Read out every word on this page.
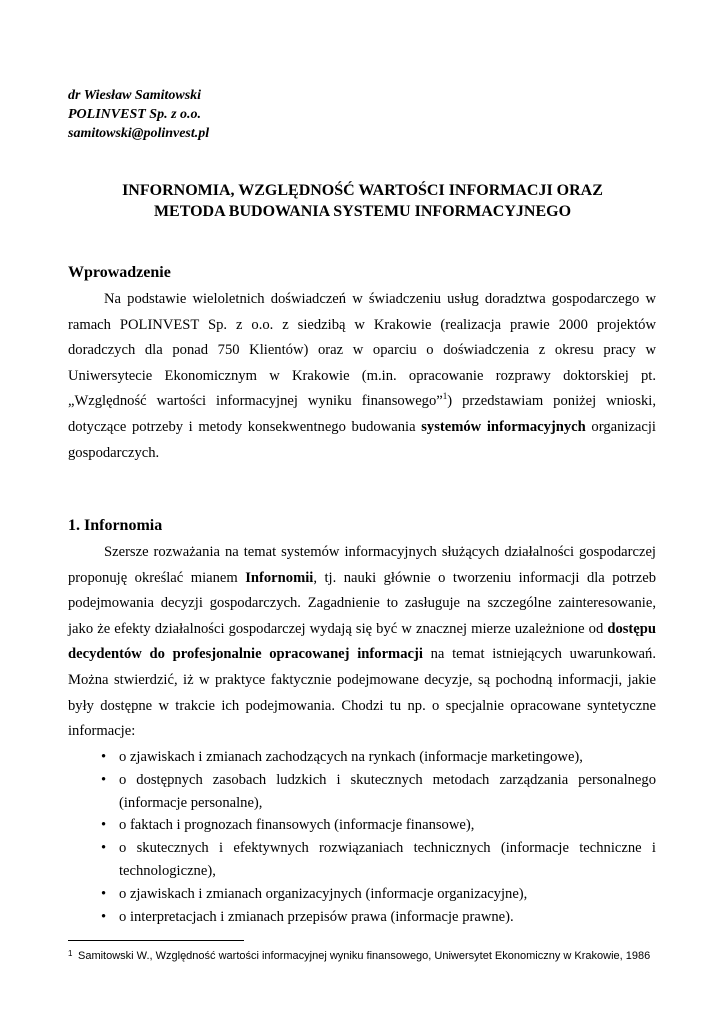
dr Wiesław Samitowski
POLINVEST Sp. z o.o.
samitowski@polinvest.pl
INFORNOMIA, WZGLĘDNOŚĆ WARTOŚCI INFORMACJI ORAZ
METODA BUDOWANIA SYSTEMU INFORMACYJNEGO
Wprowadzenie
Na podstawie wieloletnich doświadczeń w świadczeniu usług doradztwa gospodarczego w ramach POLINVEST Sp. z o.o. z siedzibą w Krakowie (realizacja prawie 2000 projektów doradczych dla ponad 750 Klientów) oraz w oparciu o doświadczenia z okresu pracy w Uniwersytecie Ekonomicznym w Krakowie (m.in. opracowanie rozprawy doktorskiej pt. „Względność wartości informacyjnej wyniku finansowego”$^1$) przedstawiam poniżej wnioski, dotyczące potrzeby i metody konsekwentnego budowania systemów informacyjnych organizacji gospodarczych.
1. Infornomia
Szersze rozważania na temat systemów informacyjnych służących działalności gospodarczej proponuję określać mianem Infornomii, tj. nauki głównie o tworzeniu informacji dla potrzeb podejmowania decyzji gospodarczych. Zagadnienie to zasługuje na szczególne zainteresowanie, jako że efekty działalności gospodarczej wydają się być w znacznej mierze uzależnione od dostępu decydentów do profesjonalnie opracowanej informacji na temat istniejących uwarunkowań. Można stwierdzić, iż w praktyce faktycznie podejmowane decyzje, są pochodną informacji, jakie były dostępne w trakcie ich podejmowania. Chodzi tu np. o specjalnie opracowane syntetyczne informacje:
• o zjawiskach i zmianach zachodzących na rynkach (informacje marketingowe),
• o dostępnych zasobach ludzkich i skutecznych metodach zarządzania personalnego (informacje personalne),
• o faktach i prognozach finansowych (informacje finansowe),
• o skutecznych i efektywnych rozwiązaniach technicznych (informacje techniczne i technologiczne),
• o zjawiskach i zmianach organizacyjnych (informacje organizacyjne),
• o interpretacjach i zmianach przepisów prawa (informacje prawne).
1 Samitowski W., Względność wartości informacyjnej wyniku finansowego, Uniwersytet Ekonomiczny w Krakowie, 1986
